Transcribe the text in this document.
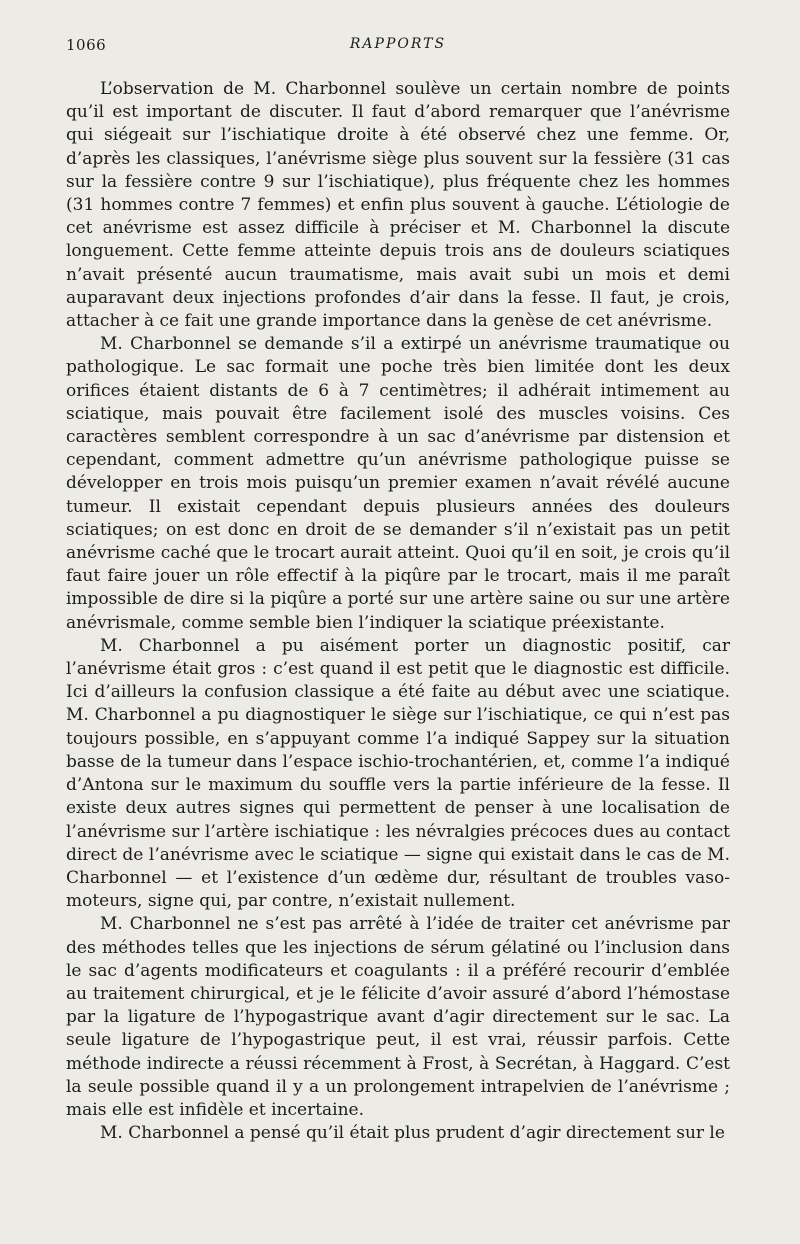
1066	RAPPORTS

L’observation de M. Charbonnel soulève un certain nombre de points qu’il est important de discuter. Il faut d’abord remarquer que l’anévrisme qui siégeait sur l’ischiatique droite à été observé chez une femme. Or, d’après les classiques, l’anévrisme siège plus souvent sur la fessière (31 cas sur la fessière contre 9 sur l’ischiatique), plus fréquente chez les hommes (31 hommes contre 7 femmes) et enfin plus souvent à gauche. L’étiologie de cet anévrisme est assez difficile à préciser et M. Charbonnel la discute longuement. Cette femme atteinte depuis trois ans de douleurs sciatiques n’avait présenté aucun traumatisme, mais avait subi un mois et demi auparavant deux injections profondes d’air dans la fesse. Il faut, je crois, attacher à ce fait une grande importance dans la genèse de cet anévrisme.

M. Charbonnel se demande s’il a extirpé un anévrisme traumatique ou pathologique. Le sac formait une poche très bien limitée dont les deux orifices étaient distants de 6 à 7 centimètres; il adhérait intimement au sciatique, mais pouvait être facilement isolé des muscles voisins. Ces caractères semblent correspondre à un sac d’anévrisme par distension et cependant, comment admettre qu’un anévrisme pathologique puisse se développer en trois mois puisqu’un premier examen n’avait révélé aucune tumeur. Il existait cependant depuis plusieurs années des douleurs sciatiques; on est donc en droit de se demander s’il n’existait pas un petit anévrisme caché que le trocart aurait atteint. Quoi qu’il en soit, je crois qu’il faut faire jouer un rôle effectif à la piqûre par le trocart, mais il me paraît impossible de dire si la piqûre a porté sur une artère saine ou sur une artère anévrismale, comme semble bien l’indiquer la sciatique préexistante.

M. Charbonnel a pu aisément porter un diagnostic positif, car l’anévrisme était gros : c’est quand il est petit que le diagnostic est difficile. Ici d’ailleurs la confusion classique a été faite au début avec une sciatique. M. Charbonnel a pu diagnostiquer le siège sur l’ischiatique, ce qui n’est pas toujours possible, en s’appuyant comme l’a indiqué Sappey sur la situation basse de la tumeur dans l’espace ischio-trochantérien, et, comme l’a indiqué d’Antona sur le maximum du souffle vers la partie inférieure de la fesse. Il existe deux autres signes qui permettent de penser à une localisation de l’anévrisme sur l’artère ischiatique : les névralgies précoces dues au contact direct de l’anévrisme avec le sciatique — signe qui existait dans le cas de M. Charbonnel — et l’existence d’un œdème dur, résultant de troubles vaso-moteurs, signe qui, par contre, n’existait nullement.

M. Charbonnel ne s’est pas arrêté à l’idée de traiter cet anévrisme par des méthodes telles que les injections de sérum gélatiné ou l’inclusion dans le sac d’agents modificateurs et coagulants : il a préféré recourir d’emblée au traitement chirurgical, et je le félicite d’avoir assuré d’abord l’hémostase par la ligature de l’hypogastrique avant d’agir directement sur le sac. La seule ligature de l’hypogastrique peut, il est vrai, réussir parfois. Cette méthode indirecte a réussi récemment à Frost, à Secrétan, à Haggard. C’est la seule possible quand il y a un prolongement intrapelvien de l’anévrisme ; mais elle est infidèle et incertaine.

M. Charbonnel a pensé qu’il était plus prudent d’agir directement sur le
